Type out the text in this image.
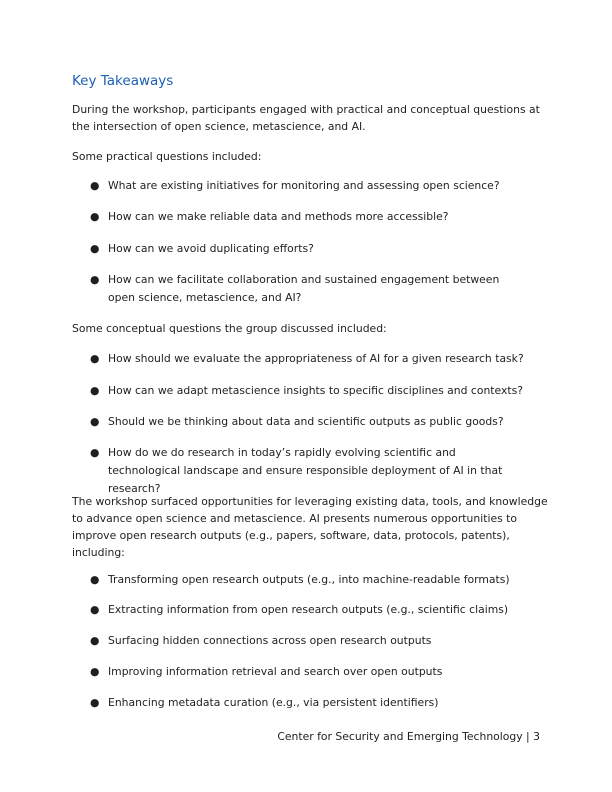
Key Takeaways

During the workshop, participants engaged with practical and conceptual questions at the intersection of open science, metascience, and AI.

Some practical questions included:

● What are existing initiatives for monitoring and assessing open science?
● How can we make reliable data and methods more accessible?
● How can we avoid duplicating efforts?
● How can we facilitate collaboration and sustained engagement between open science, metascience, and AI?

Some conceptual questions the group discussed included:

● How should we evaluate the appropriateness of AI for a given research task?
● How can we adapt metascience insights to specific disciplines and contexts?
● Should we be thinking about data and scientific outputs as public goods?
● How do we do research in today’s rapidly evolving scientific and technological landscape and ensure responsible deployment of AI in that research?

The workshop surfaced opportunities for leveraging existing data, tools, and knowledge to advance open science and metascience. AI presents numerous opportunities to improve open research outputs (e.g., papers, software, data, protocols, patents), including:

● Transforming open research outputs (e.g., into machine-readable formats)
● Extracting information from open research outputs (e.g., scientific claims)
● Surfacing hidden connections across open research outputs
● Improving information retrieval and search over open outputs
● Enhancing metadata curation (e.g., via persistent identifiers)
Center for Security and Emerging Technology | 3
